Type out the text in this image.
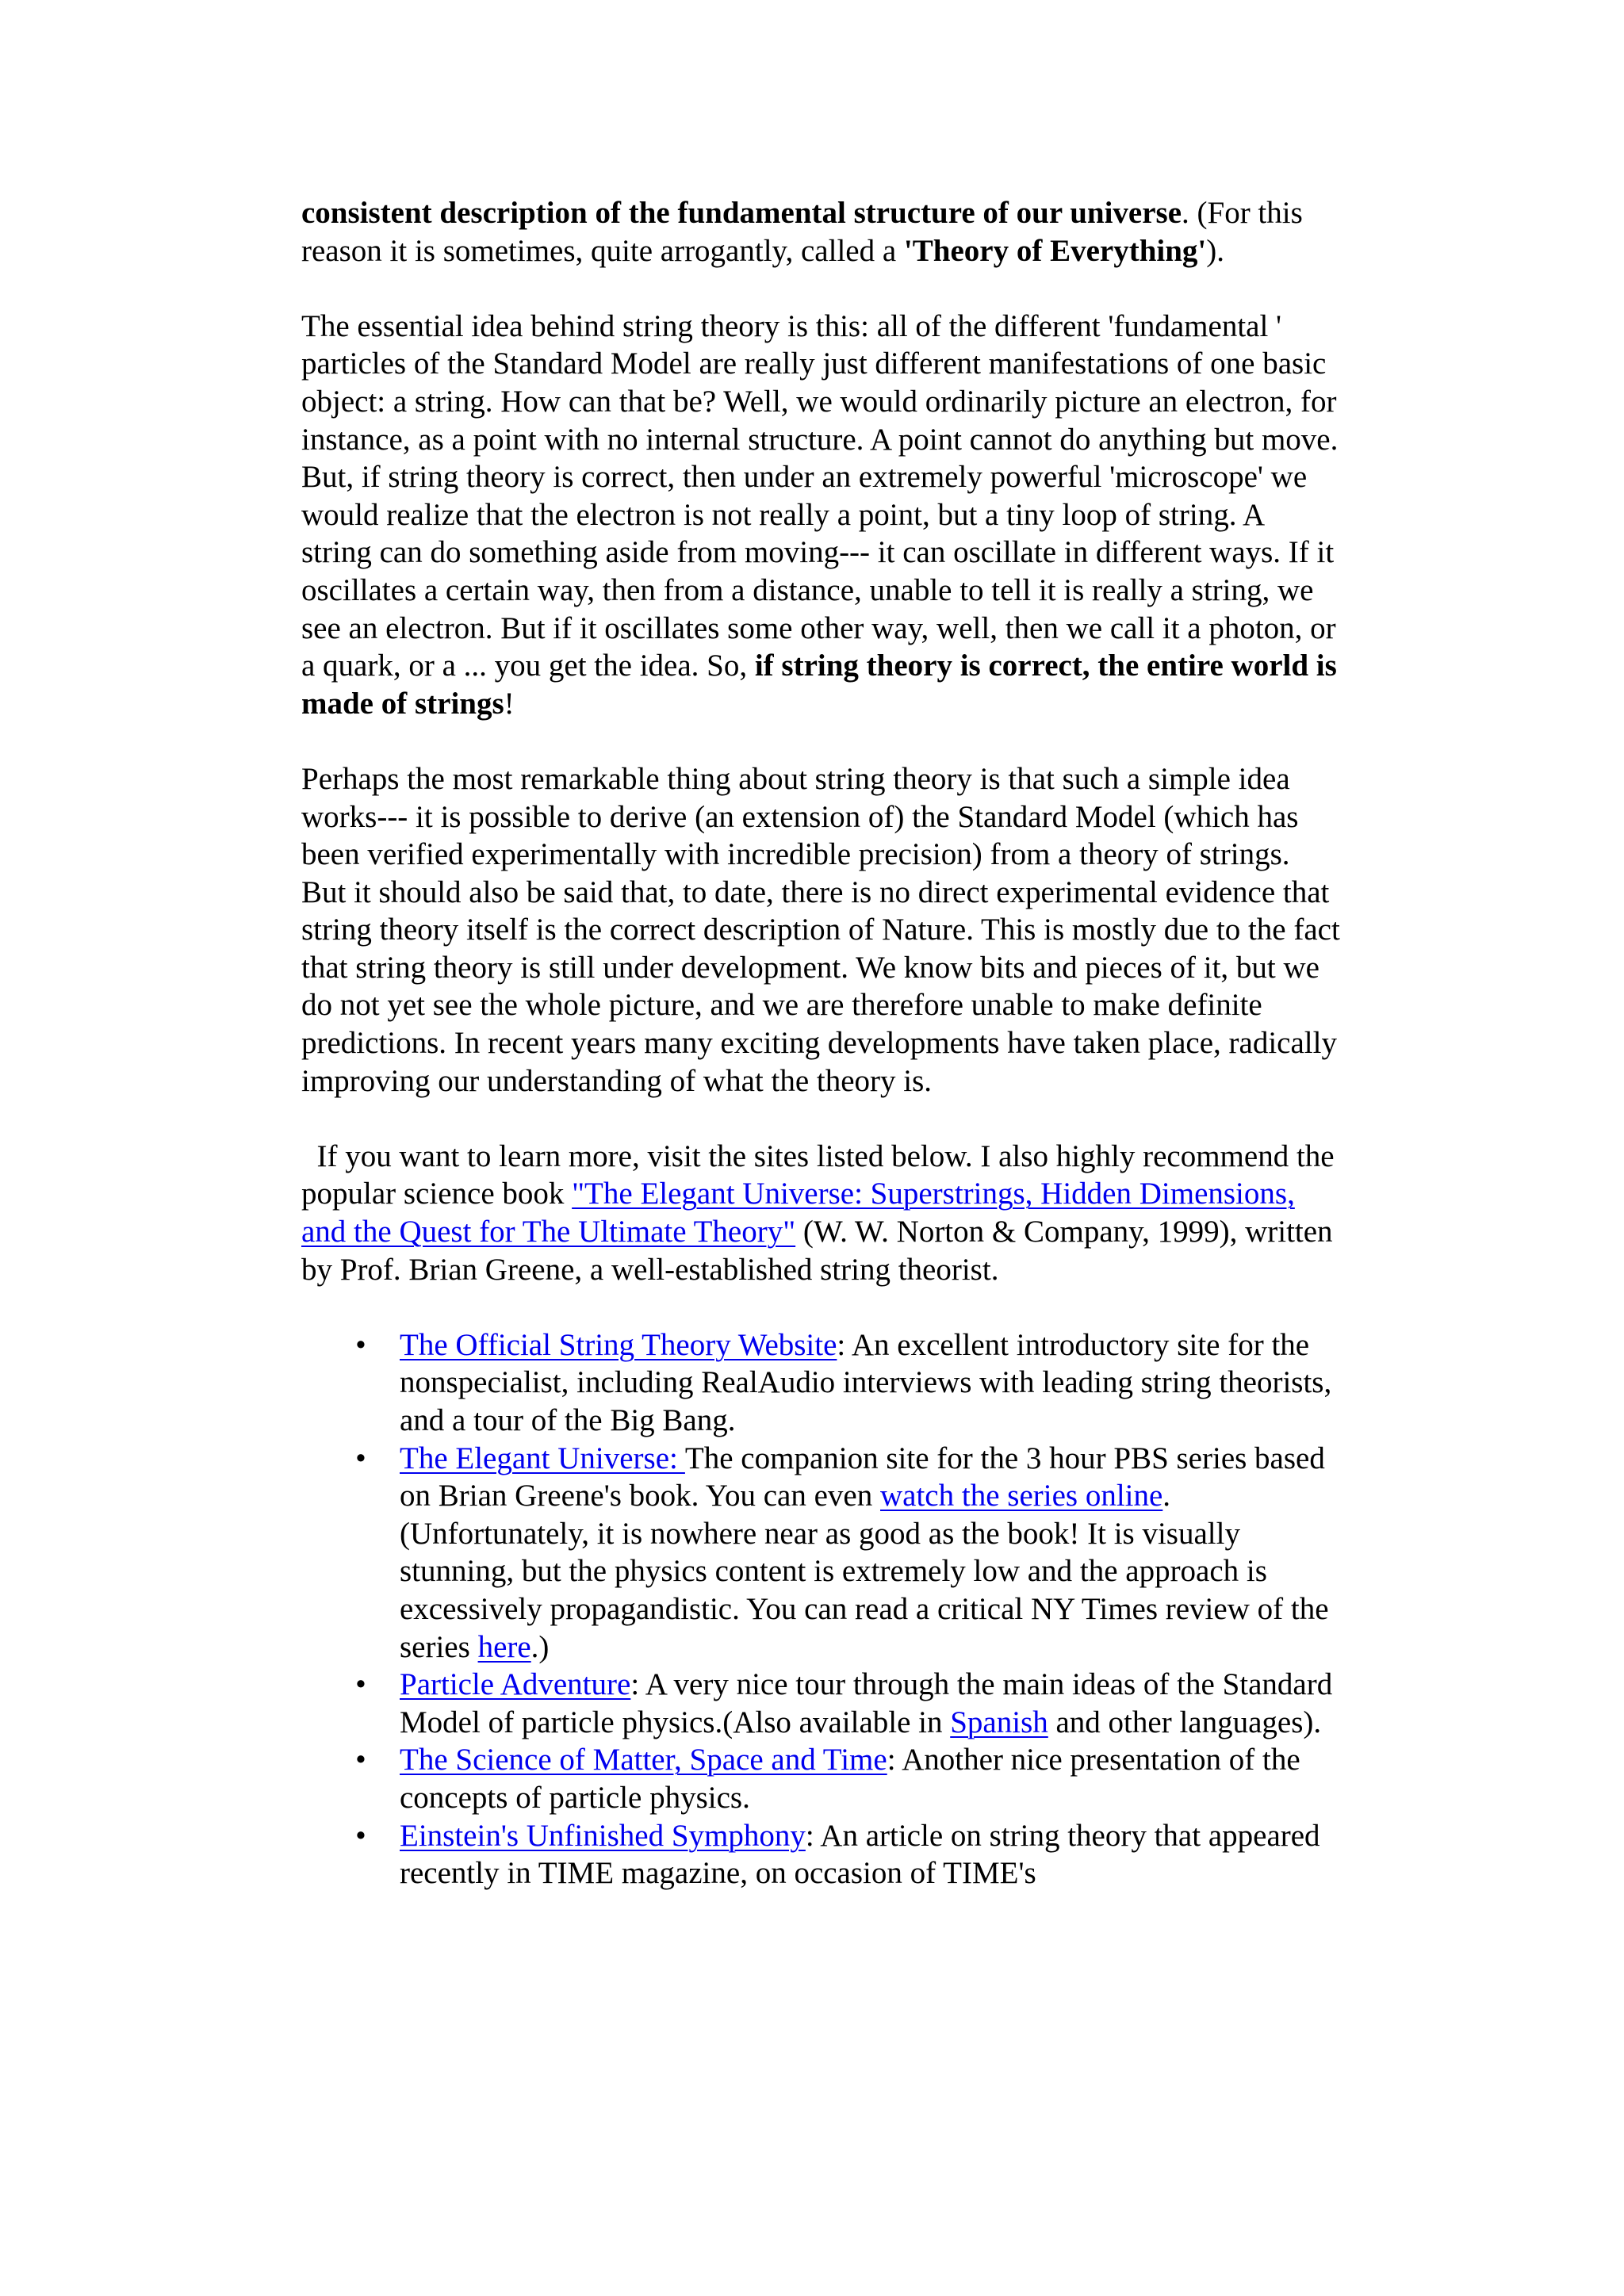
consistent description of the fundamental structure of our universe. (For this reason it is sometimes, quite arrogantly, called a 'Theory of Everything').

The essential idea behind string theory is this: all of the different 'fundamental ' particles of the Standard Model are really just different manifestations of one basic object: a string. How can that be? Well, we would ordinarily picture an electron, for instance, as a point with no internal structure. A point cannot do anything but move. But, if string theory is correct, then under an extremely powerful 'microscope' we would realize that the electron is not really a point, but a tiny loop of string. A string can do something aside from moving--- it can oscillate in different ways. If it oscillates a certain way, then from a distance, unable to tell it is really a string, we see an electron. But if it oscillates some other way, well, then we call it a photon, or a quark, or a ... you get the idea. So, if string theory is correct, the entire world is made of strings!

Perhaps the most remarkable thing about string theory is that such a simple idea works--- it is possible to derive (an extension of) the Standard Model (which has been verified experimentally with incredible precision) from a theory of strings. But it should also be said that, to date, there is no direct experimental evidence that string theory itself is the correct description of Nature. This is mostly due to the fact that string theory is still under development. We know bits and pieces of it, but we do not yet see the whole picture, and we are therefore unable to make definite predictions. In recent years many exciting developments have taken place, radically improving our understanding of what the theory is.

If you want to learn more, visit the sites listed below. I also highly recommend the popular science book "The Elegant Universe: Superstrings, Hidden Dimensions, and the Quest for The Ultimate Theory" (W. W. Norton & Company, 1999), written by Prof. Brian Greene, a well-established string theorist.

• The Official String Theory Website: An excellent introductory site for the nonspecialist, including RealAudio interviews with leading string theorists, and a tour of the Big Bang.
• The Elegant Universe: The companion site for the 3 hour PBS series based on Brian Greene's book. You can even watch the series online. (Unfortunately, it is nowhere near as good as the book! It is visually stunning, but the physics content is extremely low and the approach is excessively propagandistic. You can read a critical NY Times review of the series here.)
• Particle Adventure: A very nice tour through the main ideas of the Standard Model of particle physics.(Also available in Spanish and other languages).
• The Science of Matter, Space and Time: Another nice presentation of the concepts of particle physics.
• Einstein's Unfinished Symphony: An article on string theory that appeared recently in TIME magazine, on occasion of TIME's
